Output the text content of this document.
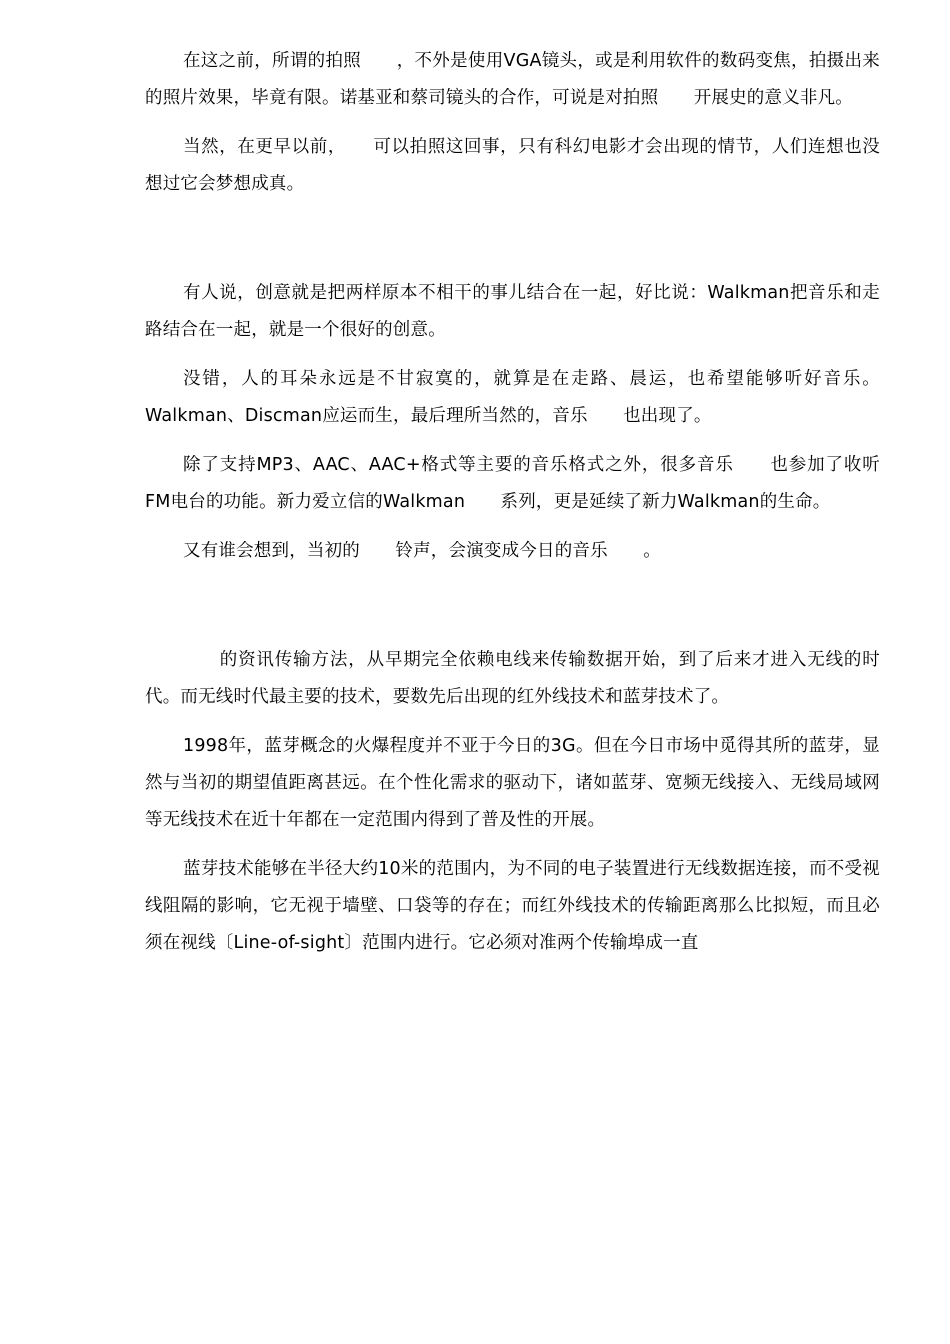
在这之前，所谓的拍照　　，不外是使用VGA镜头，或是利用软件的数码变焦，拍摄出来的照片效果，毕竟有限。诺基亚和蔡司镜头的合作，可说是对拍照　　开展史的意义非凡。

当然，在更早以前，　　可以拍照这回事，只有科幻电影才会出现的情节，人们连想也没想过它会梦想成真。

有人说，创意就是把两样原本不相干的事儿结合在一起，好比说：Walkman把音乐和走路结合在一起，就是一个很好的创意。

没错，人的耳朵永远是不甘寂寞的，就算是在走路、晨运，也希望能够听好音乐。Walkman、Discman应运而生，最后理所当然的，音乐　　也出现了。

除了支持MP3、AAC、AAC+格式等主要的音乐格式之外，很多音乐　　也参加了收听FM电台的功能。新力爱立信的Walkman　　系列，更是延续了新力Walkman的生命。

又有谁会想到，当初的　　铃声，会演变成今日的音乐　　。

　　的资讯传输方法，从早期完全依赖电线来传输数据开始，到了后来才进入无线的时代。而无线时代最主要的技术，要数先后出现的红外线技术和蓝芽技术了。

1998年，蓝芽概念的火爆程度并不亚于今日的3G。但在今日市场中觅得其所的蓝芽，显然与当初的期望值距离甚远。在个性化需求的驱动下，诸如蓝芽、宽频无线接入、无线局域网等无线技术在近十年都在一定范围内得到了普及性的开展。

蓝芽技术能够在半径大约10米的范围内，为不同的电子装置进行无线数据连接，而不受视线阻隔的影响，它无视于墙壁、口袋等的存在；而红外线技术的传输距离那么比拟短，而且必须在视线〔Line-of-sight〕范围内进行。它必须对准两个传输埠成一直
